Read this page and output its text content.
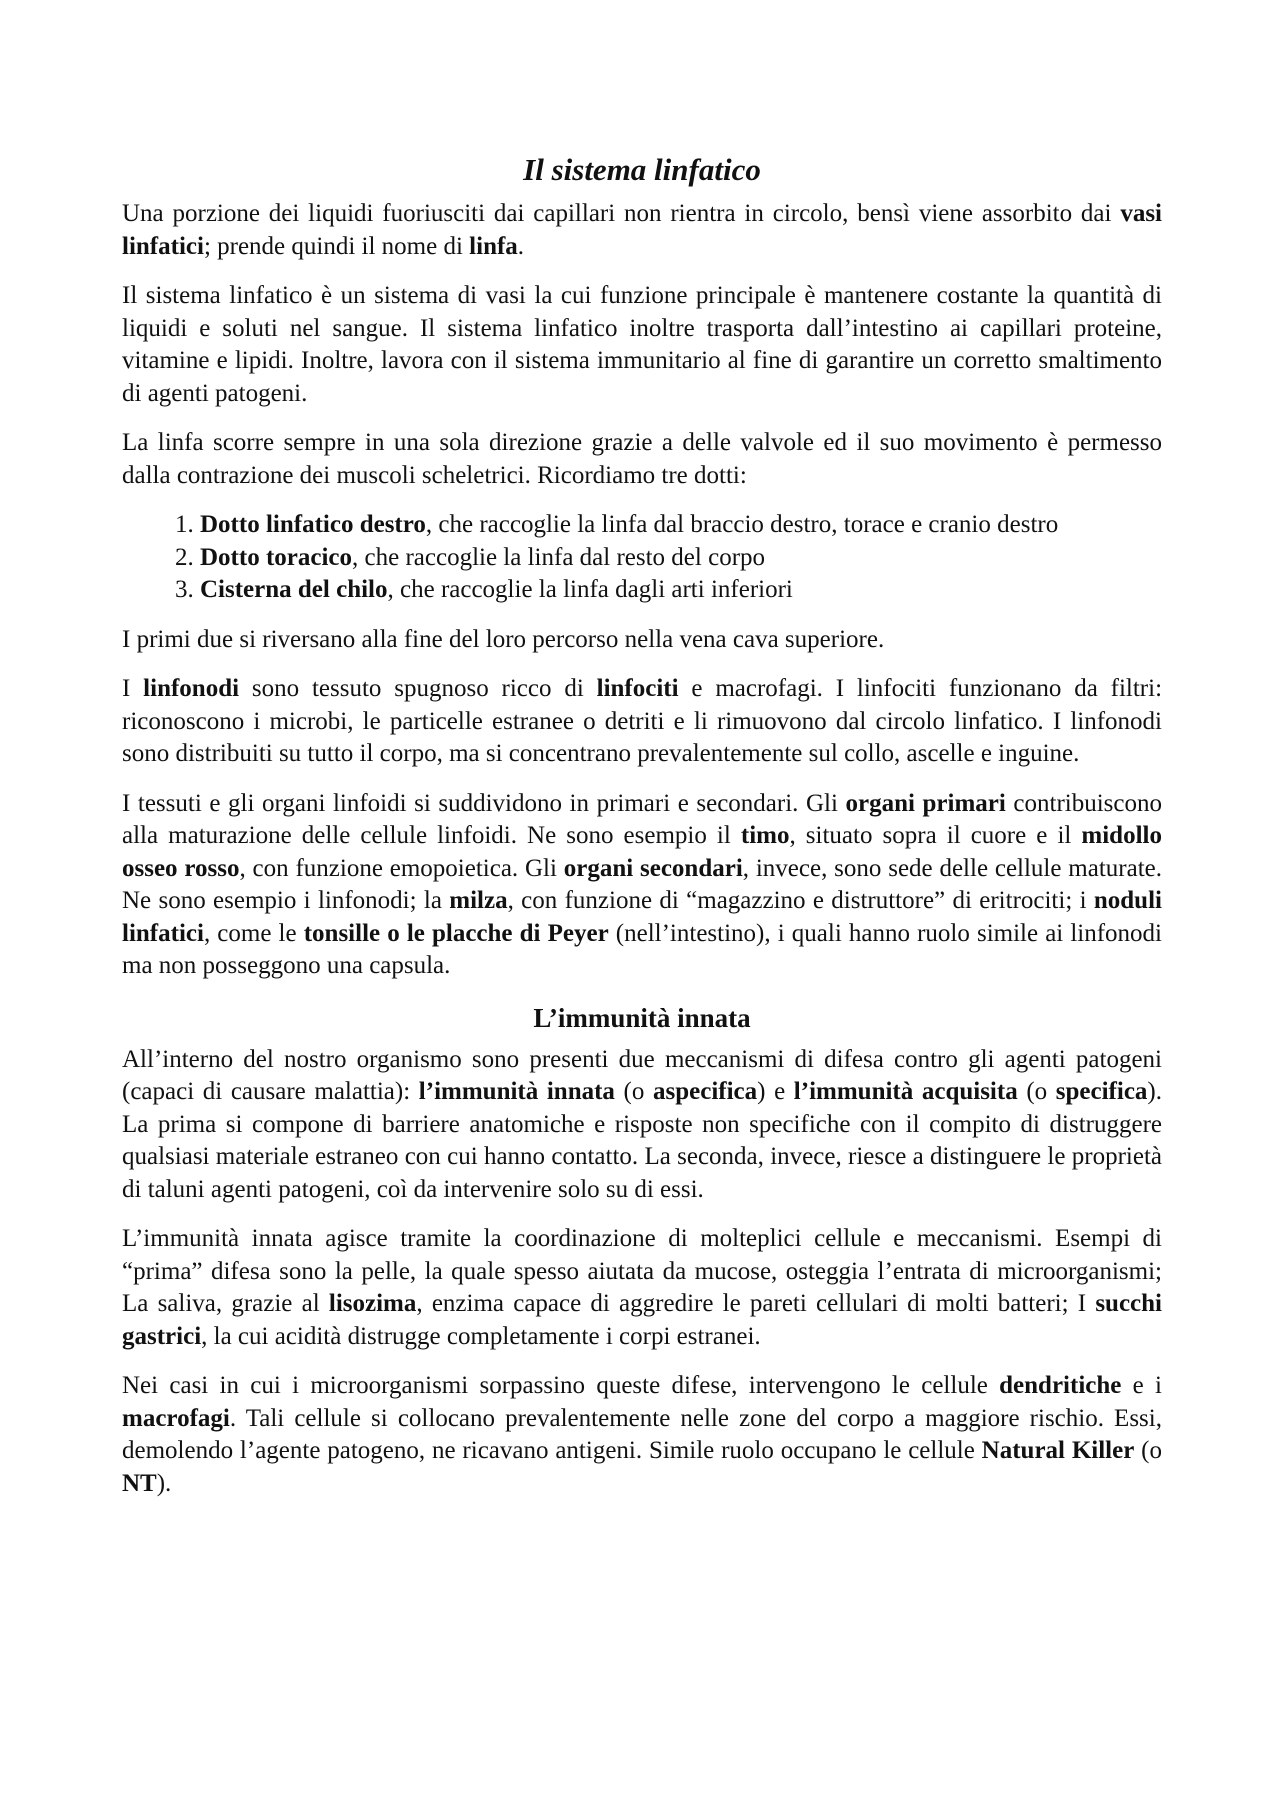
Il sistema linfatico

Una porzione dei liquidi fuoriusciti dai capillari non rientra in circolo, bensì viene assorbito dai vasi linfatici; prende quindi il nome di linfa.

Il sistema linfatico è un sistema di vasi la cui funzione principale è mantenere costante la quantità di liquidi e soluti nel sangue. Il sistema linfatico inoltre trasporta dall’intestino ai capillari proteine, vitamine e lipidi. Inoltre, lavora con il sistema immunitario al fine di garantire un corretto smaltimento di agenti patogeni.

La linfa scorre sempre in una sola direzione grazie a delle valvole ed il suo movimento è permesso dalla contrazione dei muscoli scheletrici. Ricordiamo tre dotti:

1. Dotto linfatico destro, che raccoglie la linfa dal braccio destro, torace e cranio destro
2. Dotto toracico, che raccoglie la linfa dal resto del corpo
3. Cisterna del chilo, che raccoglie la linfa dagli arti inferiori

I primi due si riversano alla fine del loro percorso nella vena cava superiore.

I linfonodi sono tessuto spugnoso ricco di linfociti e macrofagi. I linfociti funzionano da filtri: riconoscono i microbi, le particelle estranee o detriti e li rimuovono dal circolo linfatico. I linfonodi sono distribuiti su tutto il corpo, ma si concentrano prevalentemente sul collo, ascelle e inguine.

I tessuti e gli organi linfoidi si suddividono in primari e secondari. Gli organi primari contribuiscono alla maturazione delle cellule linfoidi. Ne sono esempio il timo, situato sopra il cuore e il midollo osseo rosso, con funzione emopoietica. Gli organi secondari, invece, sono sede delle cellule maturate. Ne sono esempio i linfonodi; la milza, con funzione di “magazzino e distruttore” di eritrociti; i noduli linfatici, come le tonsille o le placche di Peyer (nell’intestino), i quali hanno ruolo simile ai linfonodi ma non posseggono una capsula.

L’immunità innata

All’interno del nostro organismo sono presenti due meccanismi di difesa contro gli agenti patogeni (capaci di causare malattia): l’immunità innata (o aspecifica) e l’immunità acquisita (o specifica). La prima si compone di barriere anatomiche e risposte non specifiche con il compito di distruggere qualsiasi materiale estraneo con cui hanno contatto. La seconda, invece, riesce a distinguere le proprietà di taluni agenti patogeni, coì da intervenire solo su di essi.

L’immunità innata agisce tramite la coordinazione di molteplici cellule e meccanismi. Esempi di “prima” difesa sono la pelle, la quale spesso aiutata da mucose, osteggia l’entrata di microorganismi; La saliva, grazie al lisozima, enzima capace di aggredire le pareti cellulari di molti batteri; I succhi gastrici, la cui acidità distrugge completamente i corpi estranei.

Nei casi in cui i microorganismi sorpassino queste difese, intervengono le cellule dendritiche e i macrofagi. Tali cellule si collocano prevalentemente nelle zone del corpo a maggiore rischio. Essi, demolendo l’agente patogeno, ne ricavano antigeni. Simile ruolo occupano le cellule Natural Killer (o NT).
